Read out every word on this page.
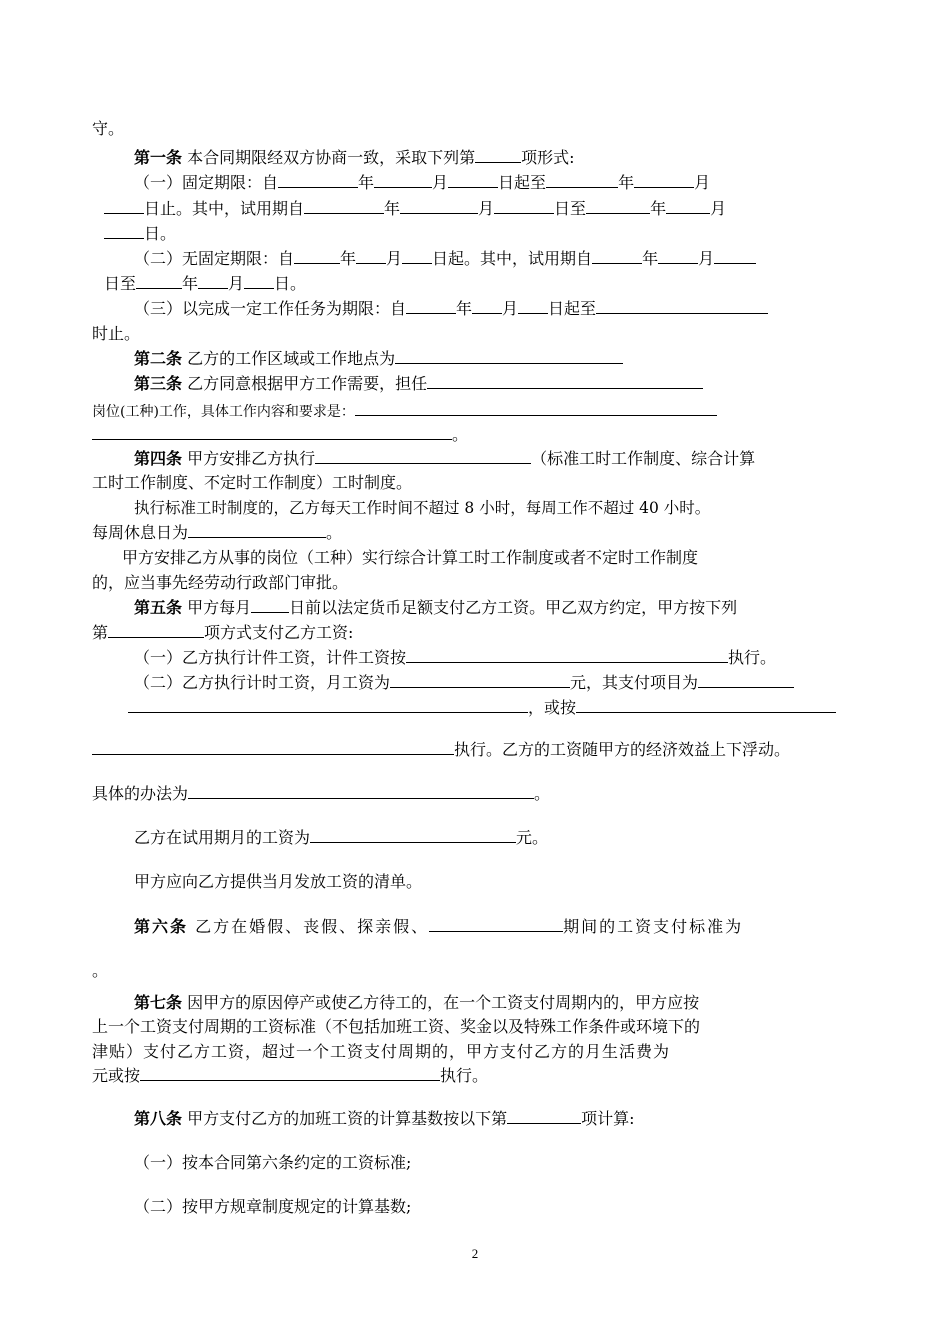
守。
第一条 本合同期限经双方协商一致，采取下列第	项形式:
（一）固定期限：自	年	月	日起至	年	月
日止。其中，试用期自	年	月	日至	年	月
日。
（二）无固定期限：自	年 月 日起。其中，试用期自	年	月
日至	年 月 日。
（三）以完成一定工作任务为期限：自	年 月 日起至
时止。
第二条 乙方的工作区域或工作地点为
第三条 乙方同意根据甲方工作需要，担任
岗位(工种)工作，具体工作内容和要求是：
。
第四条 甲方安排乙方执行	（标准工时工作制度、综合计算
工时工作制度、不定时工作制度）工时制度。
执行标准工时制度的，乙方每天工作时间不超过 8 小时，每周工作不超过 40 小时。
每周休息日为	。
甲方安排乙方从事的岗位（工种）实行综合计算工时工作制度或者不定时工作制度
的，应当事先经劳动行政部门审批。
第五条 甲方每月 日前以法定货币足额支付乙方工资。甲乙双方约定，甲方按下列
第	项方式支付乙方工资:
（一）乙方执行计件工资，计件工资按	执行。
（二）乙方执行计时工资，月工资为	元，其支付项目为
，或按
执行。乙方的工资随甲方的经济效益上下浮动。
具体的办法为	。
乙方在试用期月的工资为	元。
甲方应向乙方提供当月发放工资的清单。
第六条 乙方在婚假、丧假、探亲假、	期间的工资支付标准为
。
第七条 因甲方的原因停产或使乙方待工的，在一个工资支付周期内的，甲方应按
上一个工资支付周期的工资标准（不包括加班工资、奖金以及特殊工作条件或环境下的
津贴）支付乙方工资，超过一个工资支付周期的，甲方支付乙方的月生活费为
元或按	执行。
第八条 甲方支付乙方的加班工资的计算基数按以下第	项计算:
（一）按本合同第六条约定的工资标准;
（二）按甲方规章制度规定的计算基数;
2
